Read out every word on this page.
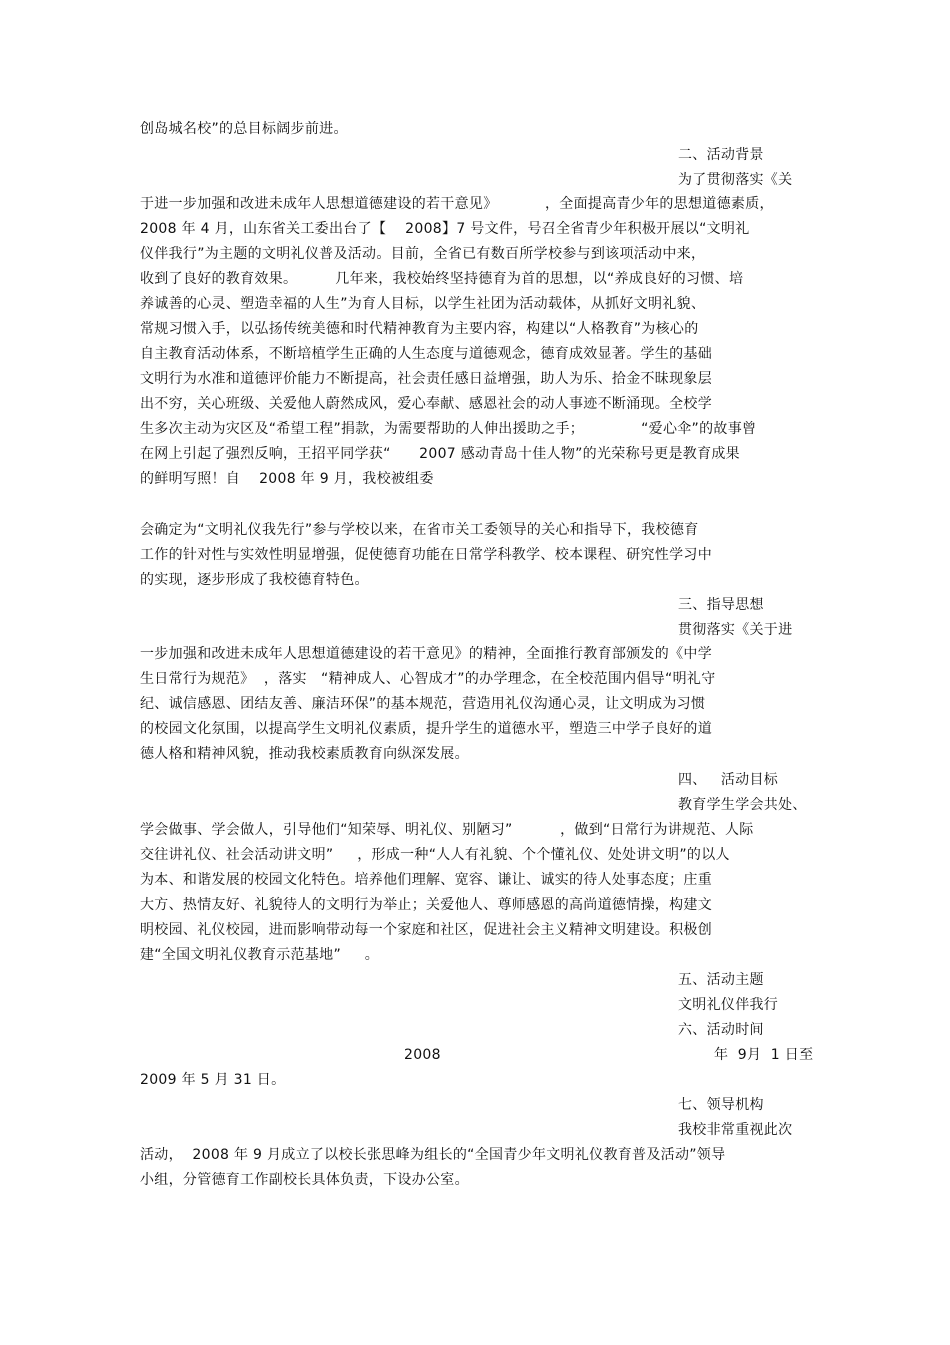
创岛城名校”的总目标阔步前进。
二、活动背景
为了贯彻落实《关
于进一步加强和改进未成年人思想道德建设的若干意见》          ，全面提高青少年的思想道德素质，
2008 年 4 月，山东省关工委出台了【    2008】7 号文件，号召全省青少年积极开展以“文明礼
仪伴我行”为主题的文明礼仪普及活动。目前，全省已有数百所学校参与到该项活动中来，
收到了良好的教育效果。        几年来，我校始终坚持德育为首的思想，以“养成良好的习惯、培
养诚善的心灵、塑造幸福的人生”为育人目标，以学生社团为活动载体，从抓好文明礼貌、
常规习惯入手，以弘扬传统美德和时代精神教育为主要内容，构建以“人格教育”为核心的
自主教育活动体系，不断培植学生正确的人生态度与道德观念，德育成效显著。学生的基础
文明行为水准和道德评价能力不断提高，社会责任感日益增强，助人为乐、拾金不昧现象层
出不穷，关心班级、关爱他人蔚然成风，爱心奉献、感恩社会的动人事迹不断涌现。全校学
生多次主动为灾区及“希望工程”捐款，为需要帮助的人伸出援助之手；            “爱心伞”的故事曾
在网上引起了强烈反响，王招平同学获“      2007 感动青岛十佳人物”的光荣称号更是教育成果
的鲜明写照！自    2008 年 9 月，我校被组委
会确定为“文明礼仪我先行”参与学校以来，在省市关工委领导的关心和指导下，我校德育
工作的针对性与实效性明显增强，促使德育功能在日常学科教学、校本课程、研究性学习中
的实现，逐步形成了我校德育特色。
三、指导思想
贯彻落实《关于进
一步加强和改进未成年人思想道德建设的若干意见》的精神，全面推行教育部颁发的《中学
生日常行为规范》  ，落实   “精神成人、心智成才”的办学理念，在全校范围内倡导“明礼守
纪、诚信感恩、团结友善、廉洁环保”的基本规范，营造用礼仪沟通心灵，让文明成为习惯
的校园文化氛围，以提高学生文明礼仪素质，提升学生的道德水平，塑造三中学子良好的道
德人格和精神风貌，推动我校素质教育向纵深发展。
四、   活动目标
教育学生学会共处、
学会做事、学会做人，引导他们“知荣辱、明礼仪、别陋习”          ，做到“日常行为讲规范、人际
交往讲礼仪、社会活动讲文明”     ，形成一种“人人有礼貌、个个懂礼仪、处处讲文明”的以人
为本、和谐发展的校园文化特色。培养他们理解、宽容、谦让、诚实的待人处事态度；庄重
大方、热情友好、礼貌待人的文明行为举止；关爱他人、尊师感恩的高尚道德情操，构建文
明校园、礼仪校园，进而影响带动每一个家庭和社区，促进社会主义精神文明建设。积极创
建“全国文明礼仪教育示范基地”     。
五、活动主题
文明礼仪伴我行
六、活动时间
2008	年  9月  1 日至
2009 年 5 月 31 日。
七、领导机构
我校非常重视此次
活动，  2008 年 9 月成立了以校长张思峰为组长的“全国青少年文明礼仪教育普及活动”领导
小组，分管德育工作副校长具体负责，下设办公室。
